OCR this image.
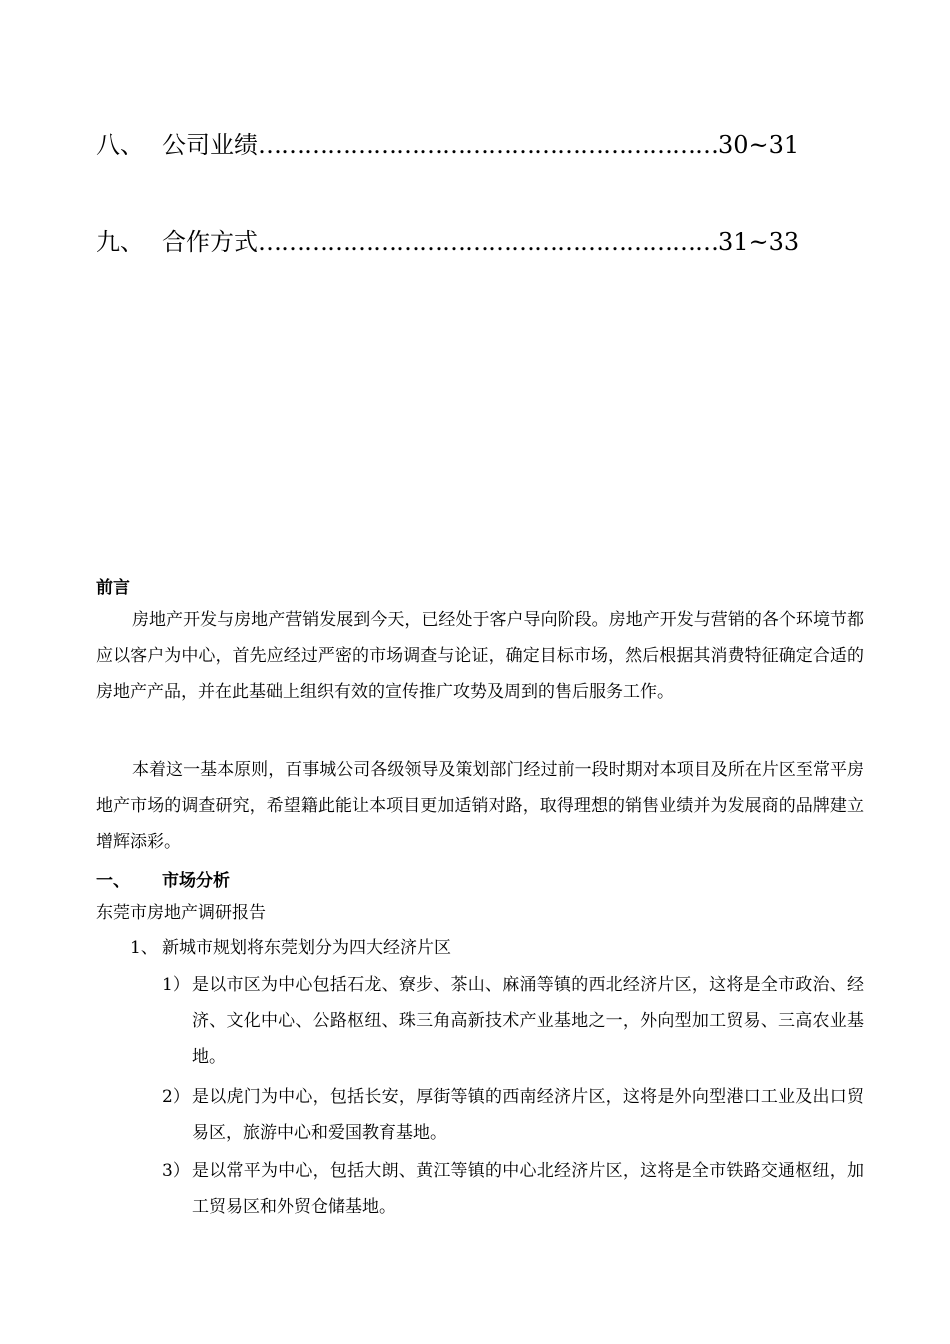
八、 公司业绩……………………………………………………30~31
九、 合作方式……………………………………………………31~33
前言

房地产开发与房地产营销发展到今天，已经处于客户导向阶段。房地产开发与营销的各个环境节都应以客户为中心，首先应经过严密的市场调查与论证，确定目标市场，然后根据其消费特征确定合适的房地产产品，并在此基础上组织有效的宣传推广攻势及周到的售后服务工作。

本着这一基本原则，百事城公司各级领导及策划部门经过前一段时期对本项目及所在片区至常平房地产市场的调查研究，希望籍此能让本项目更加适销对路，取得理想的销售业绩并为发展商的品牌建立增辉添彩。

一、 市场分析
东莞市房地产调研报告
1、 新城市规划将东莞划分为四大经济片区
1） 是以市区为中心包括石龙、寮步、茶山、麻涌等镇的西北经济片区，这将是全市政治、经济、文化中心、公路枢纽、珠三角高新技术产业基地之一，外向型加工贸易、三高农业基地。
2） 是以虎门为中心，包括长安，厚街等镇的西南经济片区，这将是外向型港口工业及出口贸易区，旅游中心和爱国教育基地。
3） 是以常平为中心，包括大朗、黄江等镇的中心北经济片区，这将是全市铁路交通枢纽，加工贸易区和外贸仓储基地。
